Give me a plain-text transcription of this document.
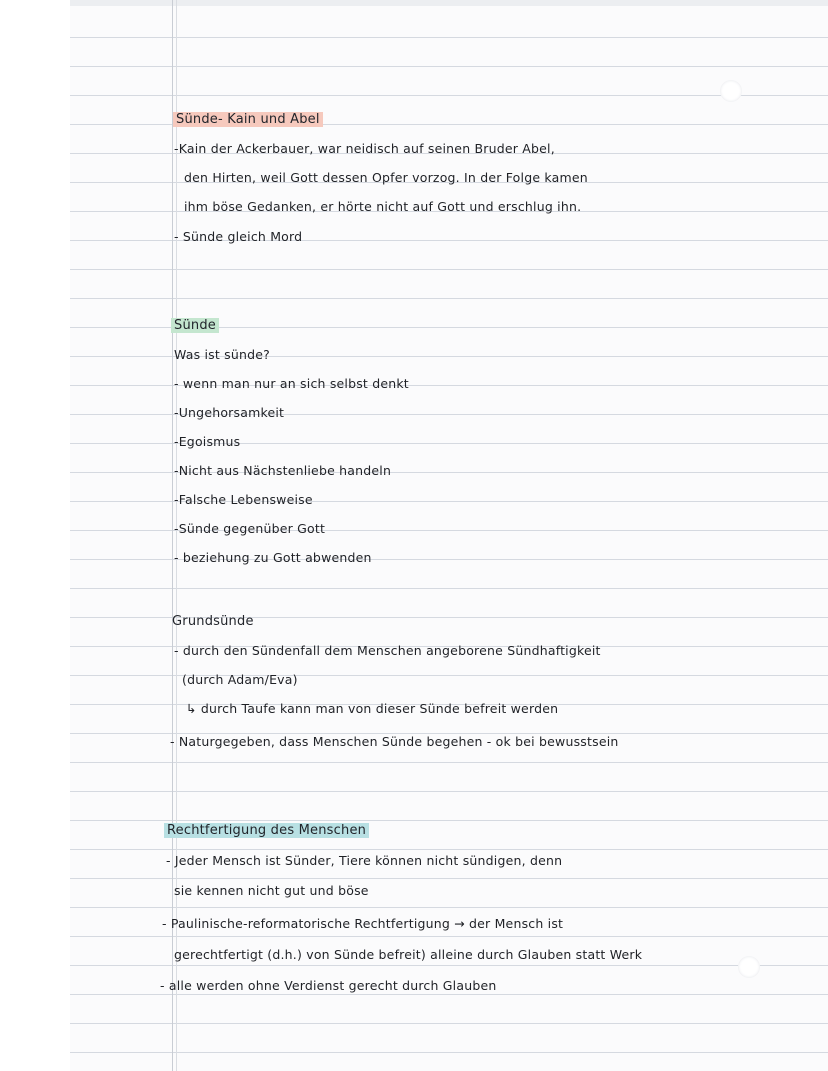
Sünde- Kain und Abel
-Kain der Ackerbauer, war neidisch auf seinen Bruder Abel,
den Hirten, weil Gott dessen Opfer vorzog. In der Folge kamen
ihm böse Gedanken, er hörte nicht auf Gott und erschlug ihn.
- Sünde gleich Mord
Sünde
Was ist sünde?
- wenn man nur an sich selbst denkt
-Ungehorsamkeit
-Egoismus
-Nicht aus Nächstenliebe handeln
-Falsche Lebensweise
-Sünde gegenüber Gott
- beziehung zu Gott abwenden
Grundsünde
- durch den Sündenfall dem Menschen angeborene Sündhaftigkeit
(durch Adam/Eva)
↳ durch Taufe kann man von dieser Sünde befreit werden
- Naturgegeben, dass Menschen Sünde begehen - ok bei bewusstsein
Rechtfertigung des Menschen
- Jeder Mensch ist Sünder, Tiere können nicht sündigen, denn
sie kennen nicht gut und böse
- Paulinische-reformatorische Rechtfertigung → der Mensch ist
gerechtfertigt (d.h.) von Sünde befreit) alleine durch Glauben statt Werk
- alle werden ohne Verdienst gerecht durch Glauben
